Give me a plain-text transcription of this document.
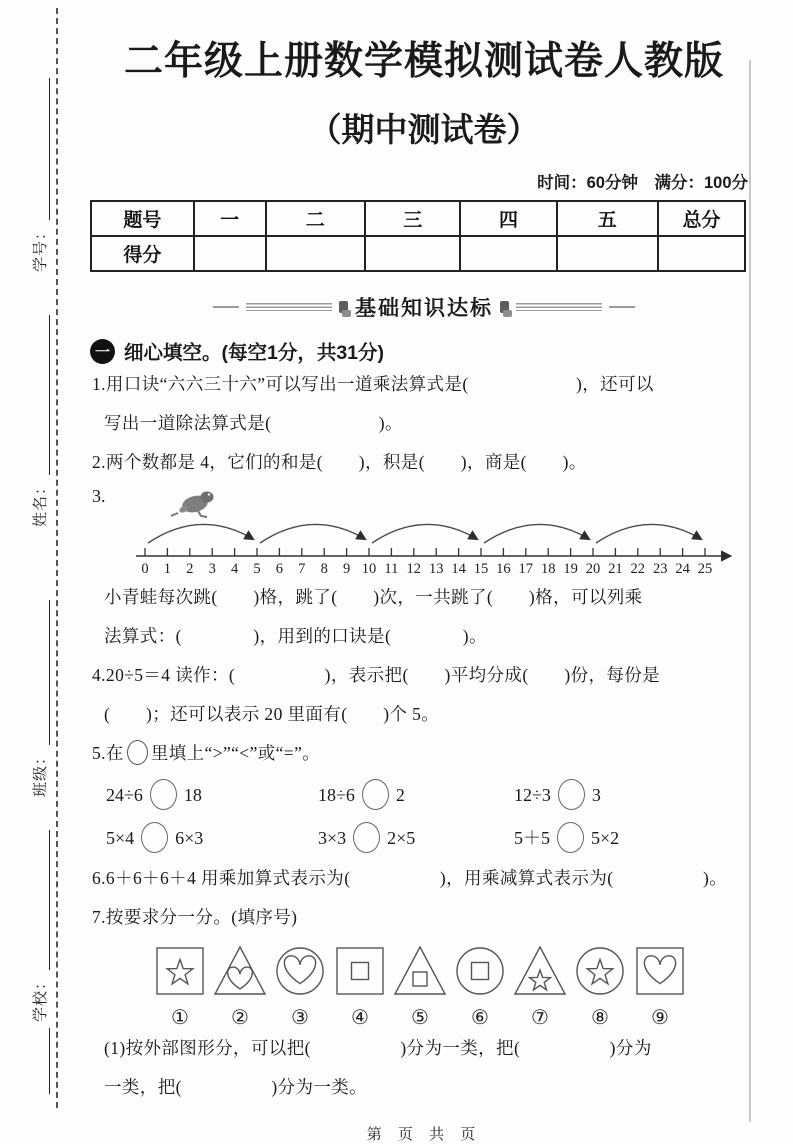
学号：
姓名：
班级：
学校：
二年级上册数学模拟测试卷人教版
（期中测试卷）
时间：60分钟　满分：100分
题号	一	二	三	四	五	总分
得分						
基础知识达标
一 细心填空。(每空1分，共31分)

1.用口诀“六六三十六”可以写出一道乘法算式是(　　　　　　)，还可以

写出一道除法算式是(　　　　　　)。

2.两个数都是 4，它们的和是(　　)，积是(　　)，商是(　　)。

3.
0 1 2 3 4 5 6 7 8 9 10 11 12 13 14 15 16 17 18 19 20 21 22 23 24 25

小青蛙每次跳(　　)格，跳了(　　)次，一共跳了(　　)格，可以列乘

法算式：(　　　　)，用到的口诀是(　　　　)。

4.20÷5＝4 读作：(　　　　　)，表示把(　　)平均分成(　　)份，每份是

(　　)；还可以表示 20 里面有(　　)个 5。

5.在 里填上“>”“<”或“=”。

24÷6 18	18÷6 2	12÷3 3
5×4 6×3	3×3 2×5	5＋5 5×2

6.6＋6＋6＋4 用乘加算式表示为(　　　　　)，用乘减算式表示为(　　　　　)。

7.按要求分一分。(填序号)

①	②	③	④	⑤	⑥	⑦	⑧	⑨

(1)按外部图形分，可以把(　　　　　)分为一类，把(　　　　　)分为

一类，把(　　　　　)分为一类。

第 页 共 页
